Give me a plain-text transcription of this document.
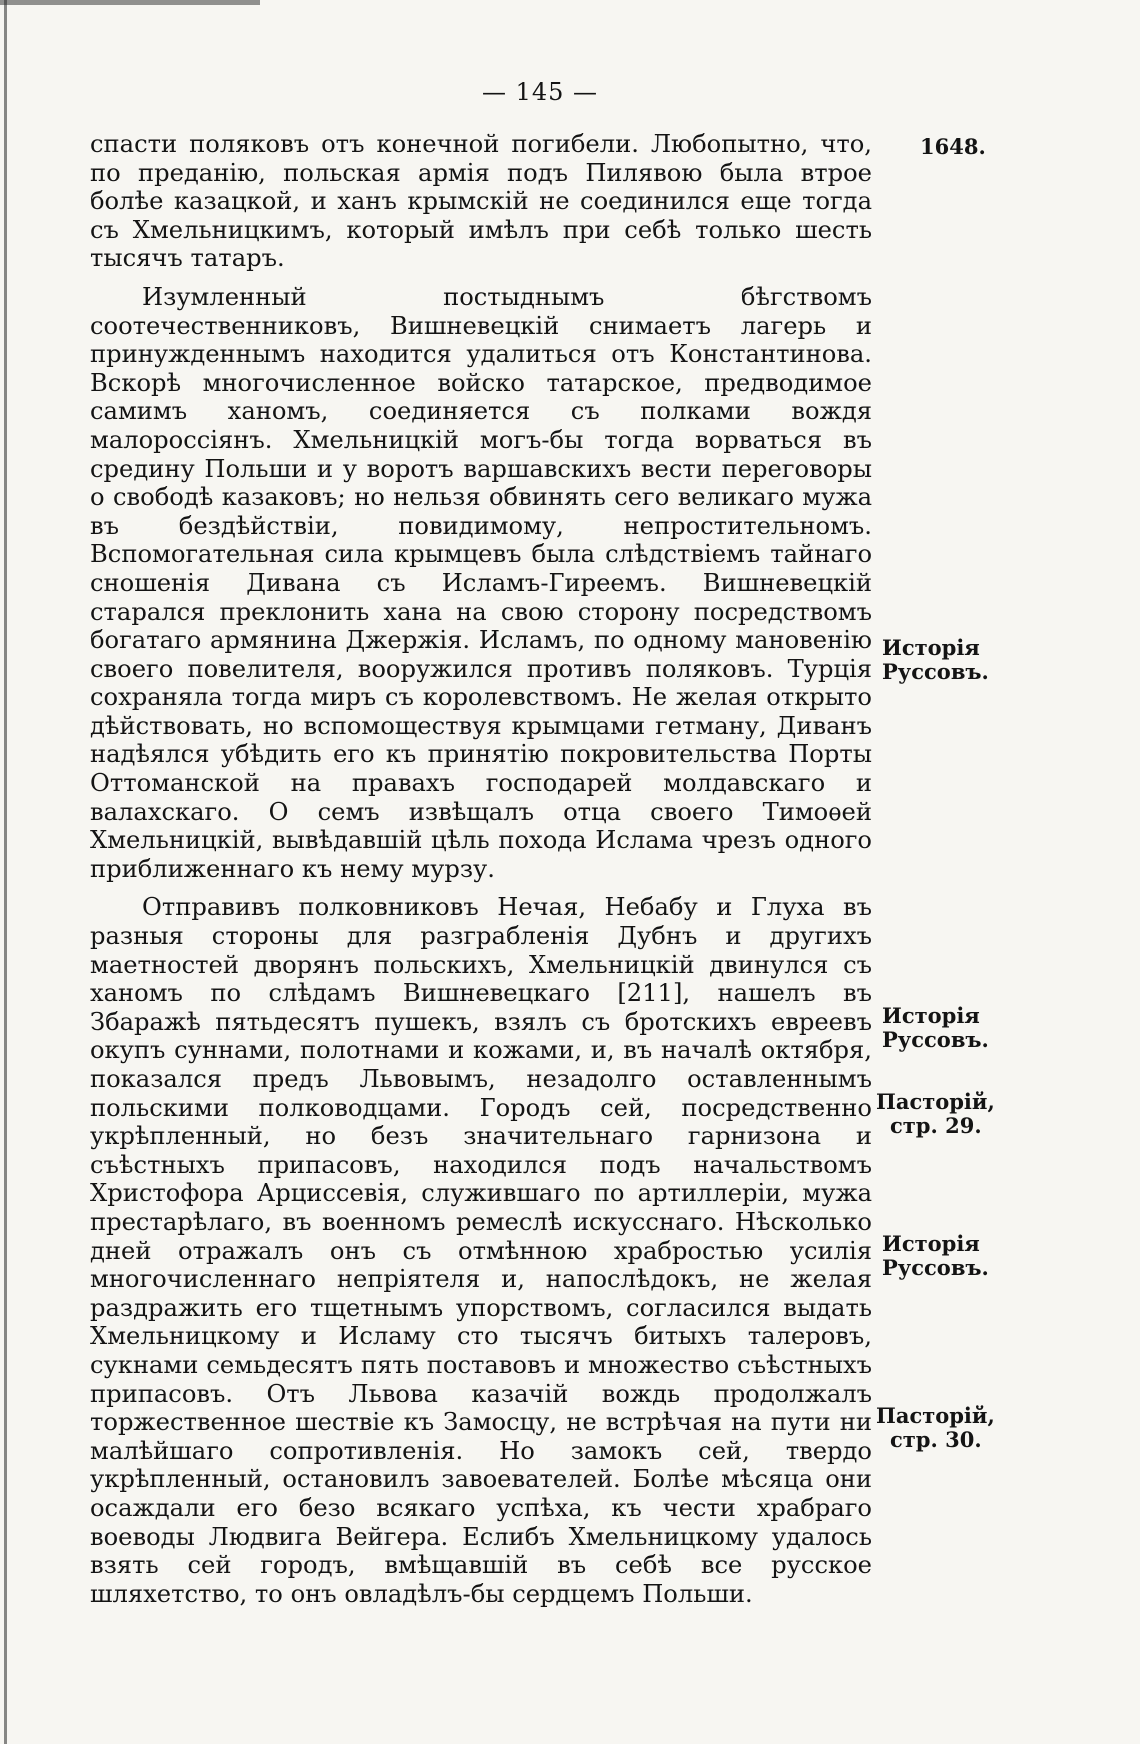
— 145 —
1648.

спасти поляковъ отъ конечной погибели. Любопытно, что, по преданію, польская армія подъ Пилявою была втрое болѣе казацкой, и ханъ крымскій не соединился еще тогда съ Хмельницкимъ, который имѣлъ при себѣ только шесть тысячъ татаръ.

Изумленный постыднымъ бѣгствомъ соотечественниковъ, Вишневецкій снимаетъ лагерь и принужденнымъ находится удалиться отъ Константинова. Вскорѣ многочисленное войско татарское, предводимое самимъ ханомъ, соединяется съ полками вождя малороссіянъ. Хмельницкій могъ-бы тогда ворваться въ средину Польши и у воротъ варшавскихъ вести переговоры о свободѣ казаковъ; но нельзя обвинять сего великаго мужа въ бездѣйствіи, повидимому, непростительномъ. Вспомогательная сила крымцевъ была слѣдствіемъ тайнаго сношенія Дивана съ Исламъ-Гиреемъ. Вишневецкій старался преклонить хана на свою сторону посредствомъ богатаго армянина Джержія. Исламъ, по одному мановенію своего повелителя, вооружился противъ поляковъ. Турція сохраняла тогда миръ съ королевствомъ. Не желая открыто дѣйствовать, но вспомоществуя крымцами гетману, Диванъ надѣялся убѣдить его къ принятію покровительства Порты Оттоманской на правахъ господарей молдавскаго и валахскаго. О семъ извѣщалъ отца своего Тимоѳей Хмельницкій, вывѣдавшій цѣль похода Ислама чрезъ одного приближеннаго къ нему мурзу.

Отправивъ полковниковъ Нечая, Небабу и Глуха въ разныя стороны для разграбленія Дубнъ и другихъ маетностей дворянъ польскихъ, Хмельницкій двинулся съ ханомъ по слѣдамъ Вишневецкаго [211], нашелъ въ Збаражѣ пятьдесятъ пушекъ, взялъ съ бротскихъ евреевъ окупъ суннами, полотнами и кожами, и, въ началѣ октября, показался предъ Львовымъ, незадолго оставленнымъ польскими полководцами. Городъ сей, посредственно укрѣпленный, но безъ значительнаго гарнизона и съѣстныхъ припасовъ, находился подъ начальствомъ Христофора Арциссевія, служившаго по артиллеріи, мужа престарѣлаго, въ военномъ ремеслѣ искусснаго. Нѣсколько дней отражалъ онъ съ отмѣнною храбростью усилія многочисленнаго непріятеля и, напослѣдокъ, не желая раздражить его тщетнымъ упорствомъ, согласился выдать Хмельницкому и Исламу сто тысячъ битыхъ талеровъ, сукнами семьдесятъ пять поставовъ и множество съѣстныхъ припасовъ. Отъ Львова казачій вождь продолжалъ торжественное шествіе къ Замосцу, не встрѣчая на пути ни малѣйшаго сопротивленія. Но замокъ сей, твердо укрѣпленный, остановилъ завоевателей. Болѣе мѣсяца они осаждали его безо всякаго успѣха, къ чести храбраго воеводы Людвига Вейгера. Еслибъ Хмельницкому удалось взять сей городъ, вмѣщавшій въ себѣ все русское шляхетство, то онъ овладѣлъ-бы сердцемъ Польши.

Исторія
Руссовъ.
Исторія
Руссовъ.
Пасторій,
стр. 29.
Исторія
Руссовъ.
Пасторій,
стр. 30.
